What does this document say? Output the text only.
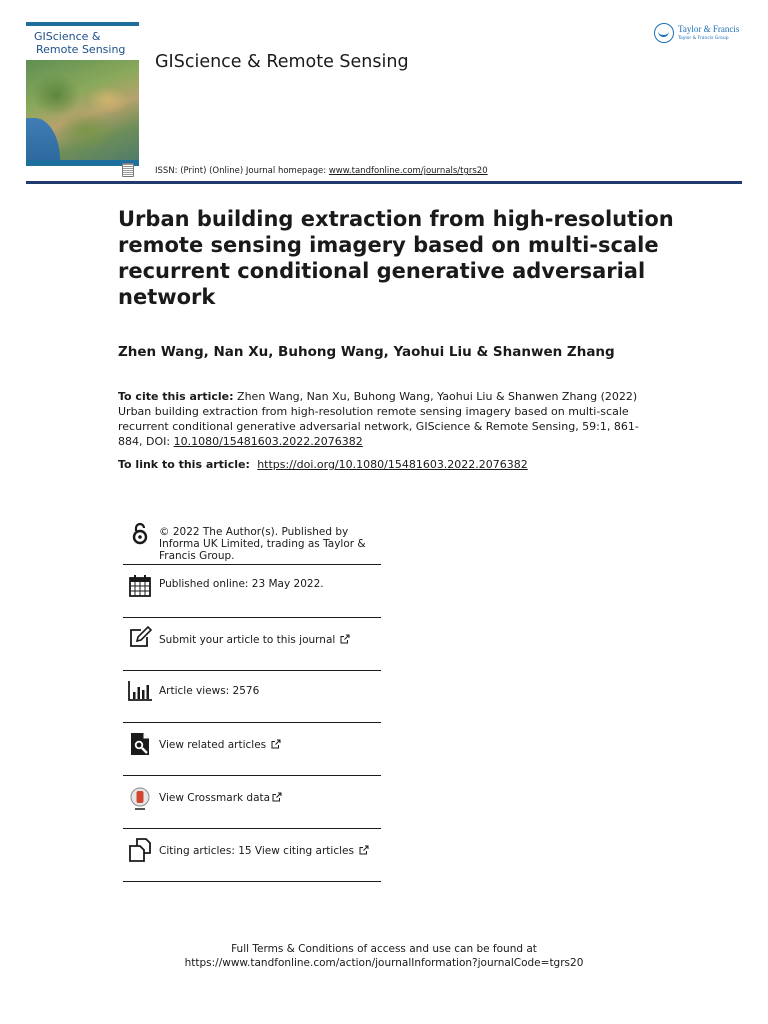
GIScience &
Remote Sensing
GIScience & Remote Sensing
ISSN: (Print) (Online) Journal homepage: www.tandfonline.com/journals/tgrs20
Taylor & Francis
Taylor & Francis Group
Urban building extraction from high-resolution remote sensing imagery based on multi-scale recurrent conditional generative adversarial network
Zhen Wang, Nan Xu, Buhong Wang, Yaohui Liu & Shanwen Zhang
To cite this article: Zhen Wang, Nan Xu, Buhong Wang, Yaohui Liu & Shanwen Zhang (2022) Urban building extraction from high-resolution remote sensing imagery based on multi-scale recurrent conditional generative adversarial network, GIScience & Remote Sensing, 59:1, 861-884, DOI: 10.1080/15481603.2022.2076382
To link to this article:  https://doi.org/10.1080/15481603.2022.2076382
© 2022 The Author(s). Published by Informa UK Limited, trading as Taylor & Francis Group.
Published online: 23 May 2022.
Submit your article to this journal
Article views: 2576
View related articles
View Crossmark data
Citing articles: 15 View citing articles
Full Terms & Conditions of access and use can be found at
https://www.tandfonline.com/action/journalInformation?journalCode=tgrs20
